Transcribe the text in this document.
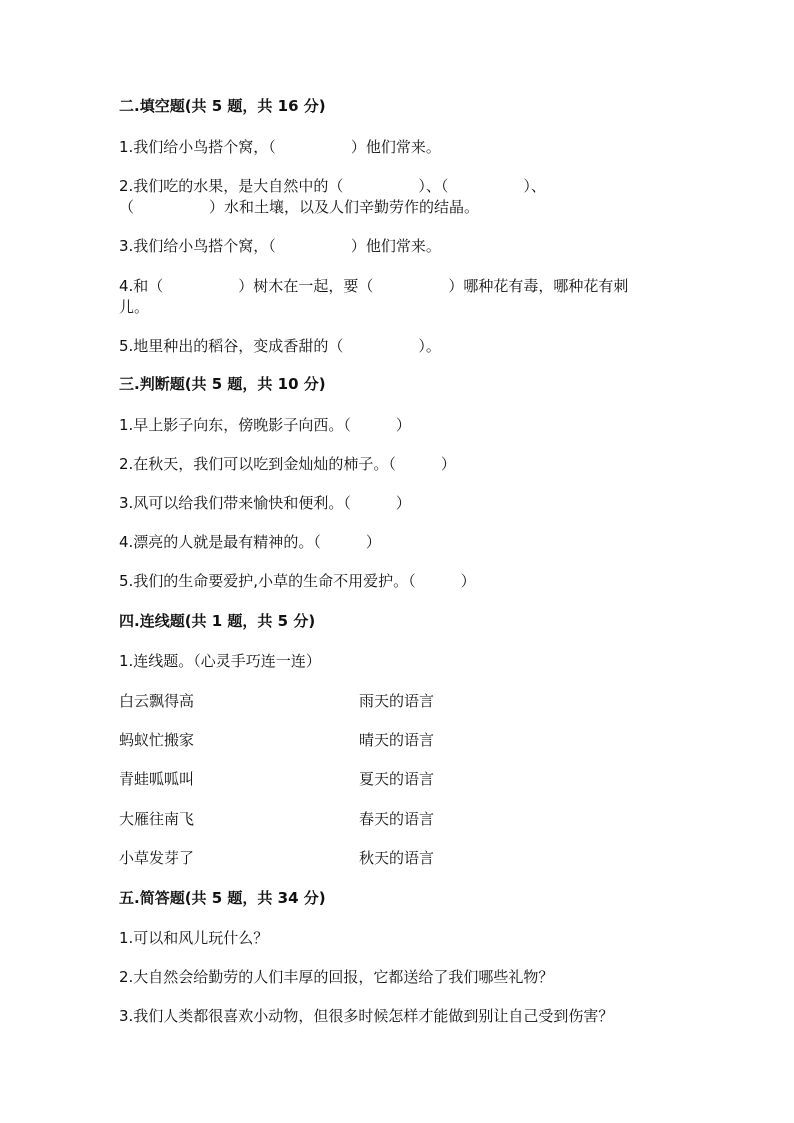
二.填空题(共 5 题，共 16 分)
1.我们给小鸟搭个窝，（　　　　　）他们常来。
2.我们吃的水果，是大自然中的（　　　　　）、（　　　　　）、
（　　　　　）水和土壤，以及人们辛勤劳作的结晶。
3.我们给小鸟搭个窝，（　　　　　）他们常来。
4.和（　　　　　）树木在一起，要（　　　　　）哪种花有毒，哪种花有刺
儿。
5.地里种出的稻谷，变成香甜的（　　　　　）。
三.判断题(共 5 题，共 10 分)
1.早上影子向东，傍晚影子向西。（　　　）
2.在秋天，我们可以吃到金灿灿的柿子。（　　　）
3.风可以给我们带来愉快和便利。（　　　）
4.漂亮的人就是最有精神的。（　　　）
5.我们的生命要爱护,小草的生命不用爱护。（　　　）
四.连线题(共 1 题，共 5 分)
1.连线题。（心灵手巧连一连）
白云飘得高	雨天的语言
蚂蚁忙搬家	晴天的语言
青蛙呱呱叫	夏天的语言
大雁往南飞	春天的语言
小草发芽了	秋天的语言
五.简答题(共 5 题，共 34 分)
1.可以和风儿玩什么？
2.大自然会给勤劳的人们丰厚的回报，它都送给了我们哪些礼物？
3.我们人类都很喜欢小动物，但很多时候怎样才能做到别让自己受到伤害？
